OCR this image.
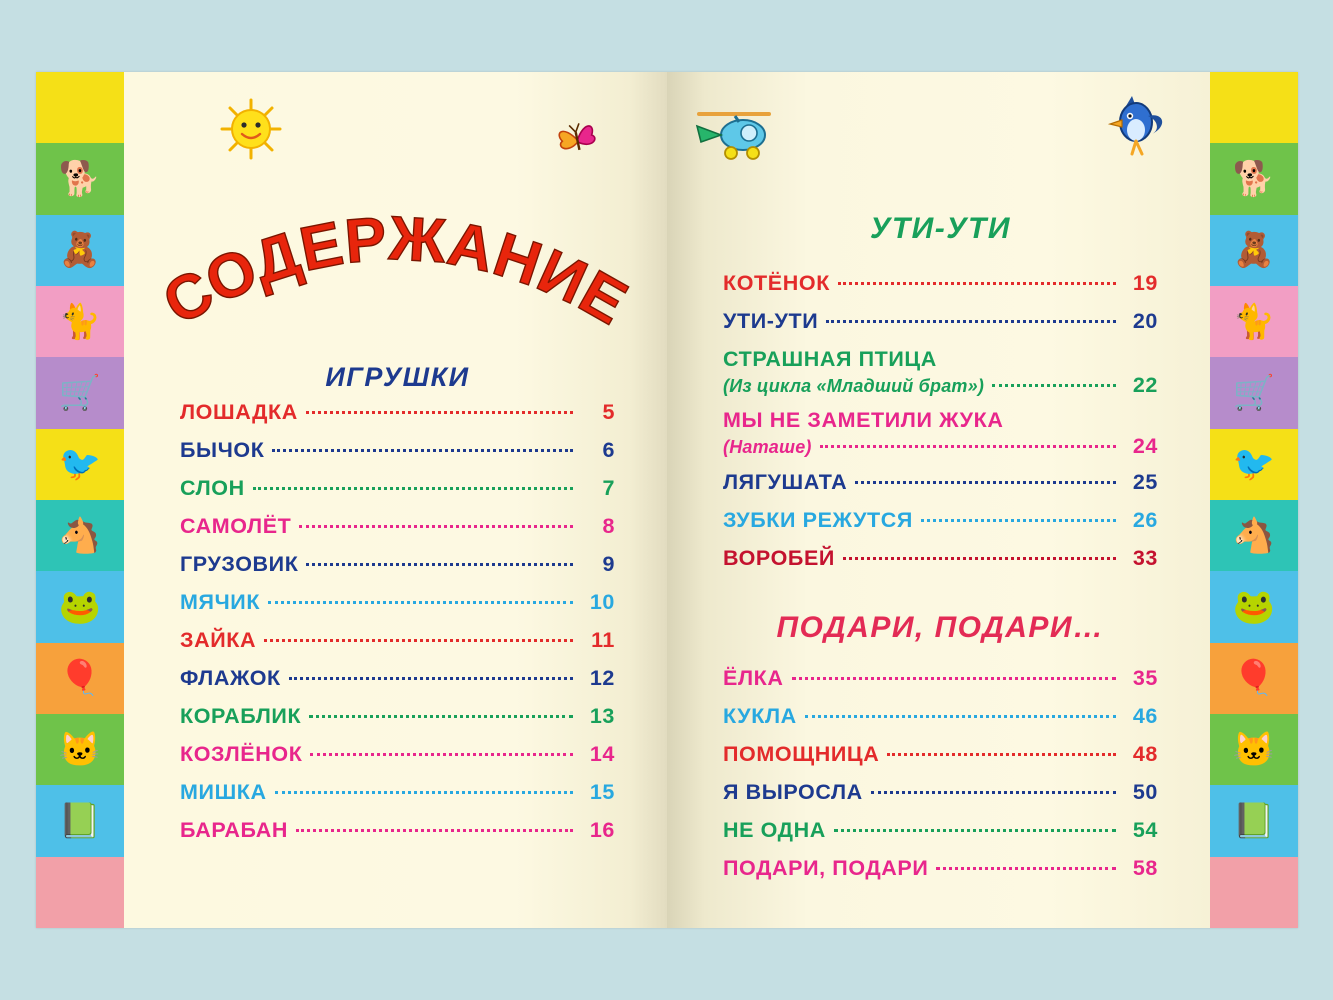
🐕
🧸
🐈
🛒
🐦
🐴
🐸
🎈
🐱
📗
СОДЕРЖАНИЕ
ИГРУШКИ
ЛОШАДКА	5
БЫЧОК	6
СЛОН	7
САМОЛЁТ	8
ГРУЗОВИК	9
МЯЧИК	10
ЗАЙКА	11
ФЛАЖОК	12
КОРАБЛИК	13
КОЗЛЁНОК	14
МИШКА	15
БАРАБАН	16
УТИ-УТИ
КОТЁНОК	19
УТИ-УТИ	20
СТРАШНАЯ ПТИЦА
(Из цикла «Младший брат»)	22
МЫ НЕ ЗАМЕТИЛИ ЖУКА
(Наташе)	24
ЛЯГУШАТА	25
ЗУБКИ РЕЖУТСЯ	26
ВОРОБЕЙ	33
ПОДАРИ, ПОДАРИ…
ЁЛКА	35
КУКЛА	46
ПОМОЩНИЦА	48
Я ВЫРОСЛА	50
НЕ ОДНА	54
ПОДАРИ, ПОДАРИ	58
🐕
🧸
🐈
🛒
🐦
🐴
🐸
🎈
🐱
📗
